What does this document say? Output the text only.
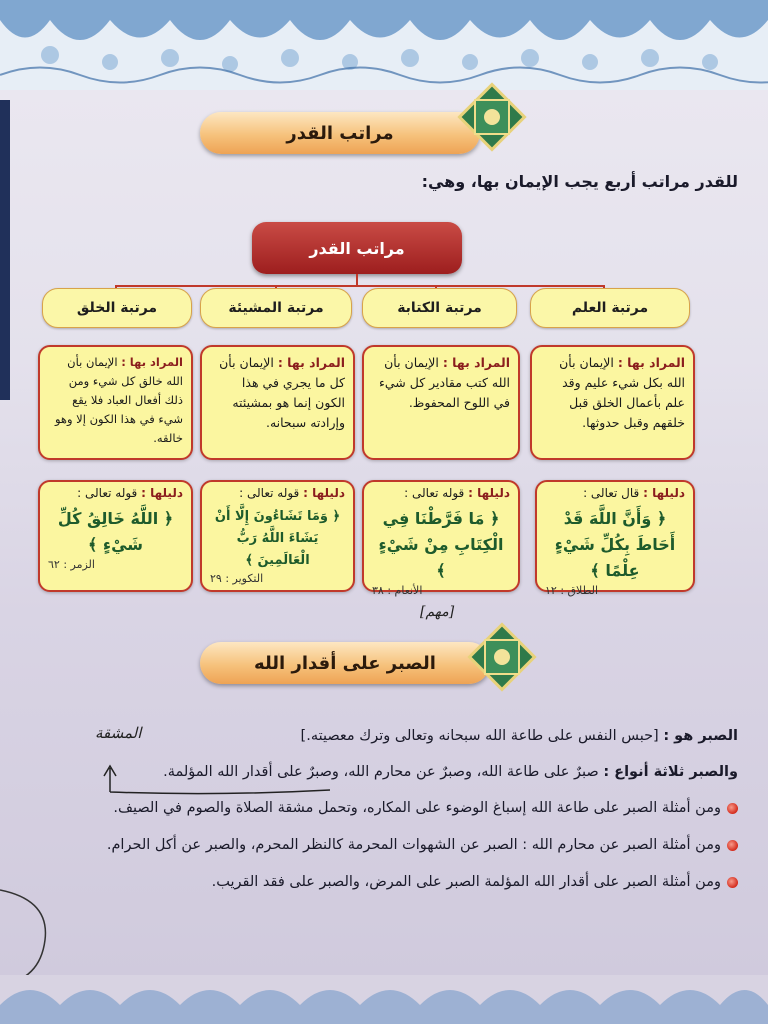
مراتب القدر
للقدر مراتب أربع يجب الإيمان بها، وهي:
مراتب القدر
مرتبة العلم
المراد بها : الإيمان بأن الله بكل شيء عليم وقد علم بأعمال الخلق قبل خلقهم وقبل حدوثها.
دليلها : قال تعالى :
﴿ وَأَنَّ اللَّهَ قَدْ أَحَاطَ بِكُلِّ شَيْءٍ عِلْمًا ﴾
الطلاق : ١٢
مرتبة الكتابة
المراد بها : الإيمان بأن الله كتب مقادير كل شيء في اللوح المحفوظ.
دليلها : قوله تعالى :
﴿ مَا فَرَّطْنَا فِي الْكِتَابِ مِنْ شَيْءٍ ﴾
الأنعام : ٣٨
مرتبة المشيئة
المراد بها : الإيمان بأن كل ما يجري في هذا الكون إنما هو بمشيئته وإرادته سبحانه.
دليلها : قوله تعالى :
﴿ وَمَا تَشَاءُونَ إِلَّا أَنْ يَشَاءَ اللَّهُ رَبُّ الْعَالَمِينَ ﴾
التكوير : ٢٩
مرتبة الخلق
المراد بها : الإيمان بأن الله خالق كل شيء ومن ذلك أفعال العباد فلا يقع شيء في هذا الكون إلا وهو خالقه.
دليلها : قوله تعالى :
﴿ اللَّهُ خَالِقُ كُلِّ شَيْءٍ ﴾
الزمر : ٦٢
[مهم]
الصبر على أقدار الله
الصبر هو : [حبس النفس على طاعة الله سبحانه وتعالى وترك معصيته.]
المشقة
والصبر ثلاثة أنواع : صبرٌ على طاعة الله، وصبرٌ عن محارم الله، وصبرٌ على أقدار الله المؤلمة.
ومن أمثلة الصبر على طاعة الله إسباغ الوضوء على المكاره، وتحمل مشقة الصلاة والصوم في الصيف.
ومن أمثلة الصبر عن محارم الله : الصبر عن الشهوات المحرمة كالنظر المحرم، والصبر عن أكل الحرام.
ومن أمثلة الصبر على أقدار الله المؤلمة الصبر على المرض، والصبر على فقد القريب.
